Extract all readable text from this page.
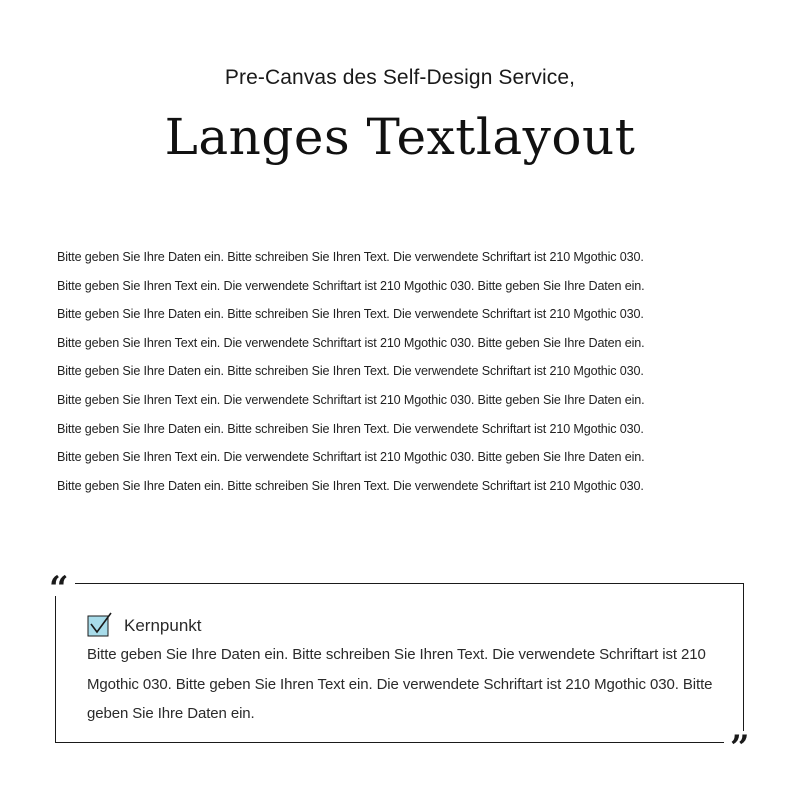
Pre-Canvas des Self-Design Service,
Langes Textlayout
Bitte geben Sie Ihre Daten ein. Bitte schreiben Sie Ihren Text. Die verwendete Schriftart ist 210 Mgothic 030.
Bitte geben Sie Ihren Text ein. Die verwendete Schriftart ist 210 Mgothic 030. Bitte geben Sie Ihre Daten ein.
Bitte geben Sie Ihre Daten ein. Bitte schreiben Sie Ihren Text. Die verwendete Schriftart ist 210 Mgothic 030.
Bitte geben Sie Ihren Text ein. Die verwendete Schriftart ist 210 Mgothic 030. Bitte geben Sie Ihre Daten ein.
Bitte geben Sie Ihre Daten ein. Bitte schreiben Sie Ihren Text. Die verwendete Schriftart ist 210 Mgothic 030.
Bitte geben Sie Ihren Text ein. Die verwendete Schriftart ist 210 Mgothic 030. Bitte geben Sie Ihre Daten ein.
Bitte geben Sie Ihre Daten ein. Bitte schreiben Sie Ihren Text. Die verwendete Schriftart ist 210 Mgothic 030.
Bitte geben Sie Ihren Text ein. Die verwendete Schriftart ist 210 Mgothic 030. Bitte geben Sie Ihre Daten ein.
Bitte geben Sie Ihre Daten ein. Bitte schreiben Sie Ihren Text. Die verwendete Schriftart ist 210 Mgothic 030.
“
”
Kernpunkt
Bitte geben Sie Ihre Daten ein. Bitte schreiben Sie Ihren Text. Die verwendete Schriftart ist 210 Mgothic 030. Bitte geben Sie Ihren Text ein. Die verwendete Schriftart ist 210 Mgothic 030. Bitte geben Sie Ihre Daten ein.
